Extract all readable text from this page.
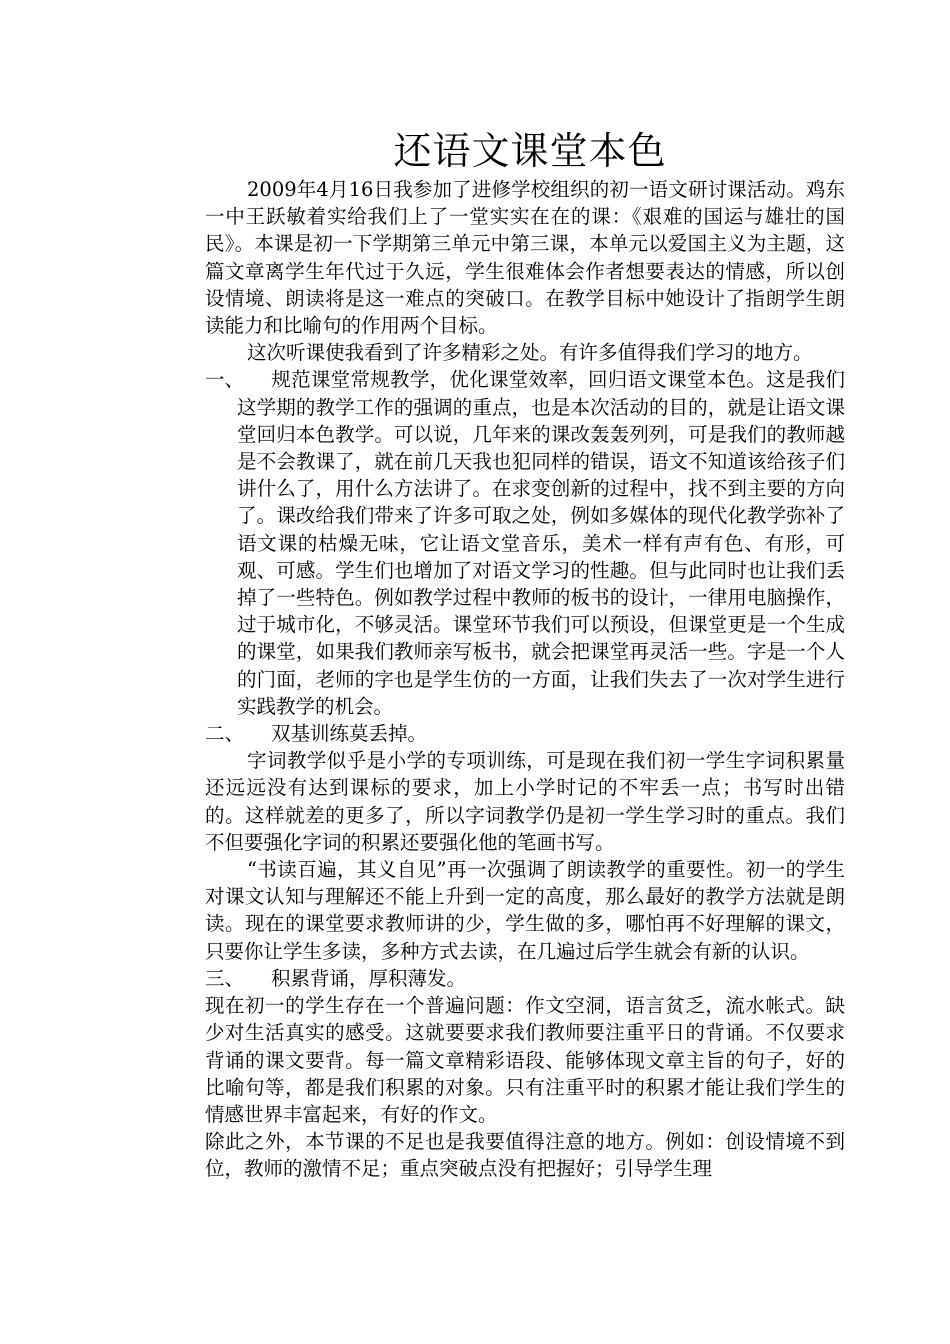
还语文课堂本色

2009年4月16日我参加了进修学校组织的初一语文研讨课活动。鸡东一中王跃敏着实给我们上了一堂实实在在的课：《艰难的国运与雄壮的国民》。本课是初一下学期第三单元中第三课，本单元以爱国主义为主题，这篇文章离学生年代过于久远，学生很难体会作者想要表达的情感，所以创设情境、朗读将是这一难点的突破口。在教学目标中她设计了指朗学生朗读能力和比喻句的作用两个目标。

这次听课使我看到了许多精彩之处。有许多值得我们学习的地方。

一、	规范课堂常规教学，优化课堂效率，回归语文课堂本色。这是我们这学期的教学工作的强调的重点，也是本次活动的目的，就是让语文课堂回归本色教学。可以说，几年来的课改轰轰列列，可是我们的教师越是不会教课了，就在前几天我也犯同样的错误，语文不知道该给孩子们讲什么了，用什么方法讲了。在求变创新的过程中，找不到主要的方向了。课改给我们带来了许多可取之处，例如多媒体的现代化教学弥补了语文课的枯燥无味，它让语文堂音乐，美术一样有声有色、有形，可观、可感。学生们也增加了对语文学习的性趣。但与此同时也让我们丢掉了一些特色。例如教学过程中教师的板书的设计，一律用电脑操作，过于城市化，不够灵活。课堂环节我们可以预设，但课堂更是一个生成的课堂，如果我们教师亲写板书，就会把课堂再灵活一些。字是一个人的门面，老师的字也是学生仿的一方面，让我们失去了一次对学生进行实践教学的机会。

二、 双基训练莫丢掉。

字词教学似乎是小学的专项训练，可是现在我们初一学生字词积累量还远远没有达到课标的要求，加上小学时记的不牢丢一点；书写时出错的。这样就差的更多了，所以字词教学仍是初一学生学习时的重点。我们不但要强化字词的积累还要强化他的笔画书写。

“书读百遍，其义自见”再一次强调了朗读教学的重要性。初一的学生对课文认知与理解还不能上升到一定的高度，那么最好的教学方法就是朗读。现在的课堂要求教师讲的少，学生做的多，哪怕再不好理解的课文，只要你让学生多读，多种方式去读，在几遍过后学生就会有新的认识。

三、 积累背诵，厚积薄发。

现在初一的学生存在一个普遍问题：作文空洞，语言贫乏，流水帐式。缺少对生活真实的感受。这就要要求我们教师要注重平日的背诵。不仅要求背诵的课文要背。每一篇文章精彩语段、能够体现文章主旨的句子，好的比喻句等，都是我们积累的对象。只有注重平时的积累才能让我们学生的情感世界丰富起来，有好的作文。

除此之外，本节课的不足也是我要值得注意的地方。例如：创设情境不到位，教师的激情不足；重点突破点没有把握好；引导学生理
